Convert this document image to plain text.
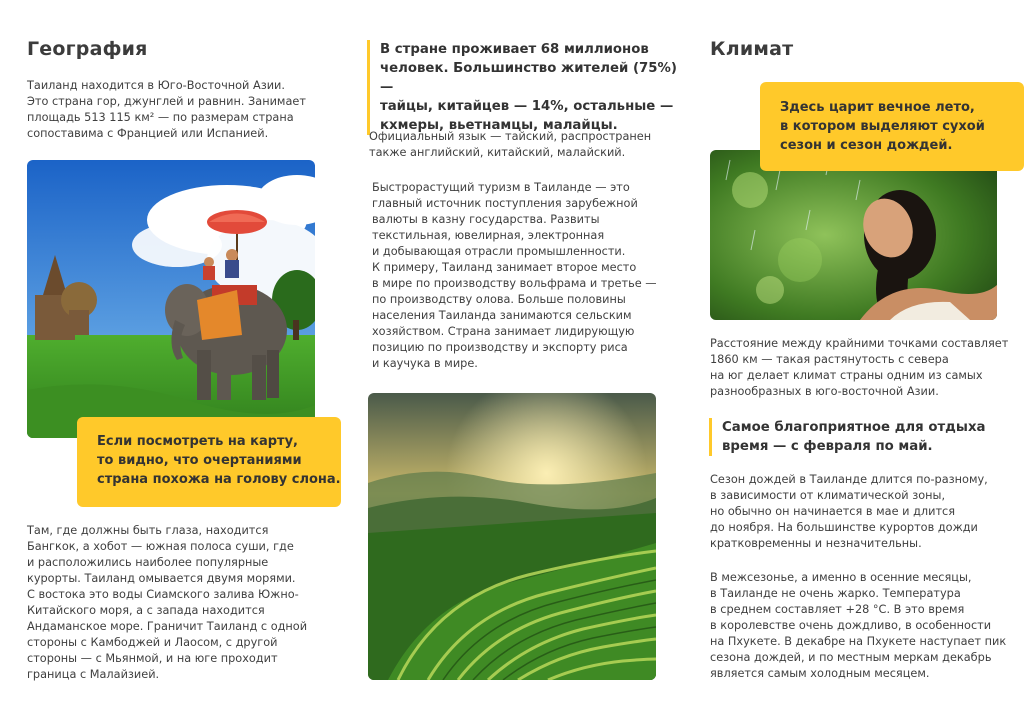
География
Таиланд находится в Юго-Восточной Азии.
Это страна гор, джунглей и равнин. Занимает
площадь 513 115 км² — по размерам страна
сопоставима с Францией или Испанией.
Если посмотреть на карту,
то видно, что очертаниями
страна похожа на голову слона.
Там, где должны быть глаза, находится
Бангкок, а хобот — южная полоса суши, где
и расположились наиболее популярные
курорты. Таиланд омывается двумя морями.
С востока это воды Сиамского залива Южно-
Китайского моря, а с запада находится
Андаманское море. Граничит Таиланд с одной
стороны с Камбоджей и Лаосом, с другой
стороны — с Мьянмой, и на юге проходит
граница с Малайзией.
В стране проживает 68 миллионов
человек. Большинство жителей (75%) —
тайцы, китайцев — 14%, остальные —
кхмеры, вьетнамцы, малайцы.
Официальный язык — тайский, распространен
также английский, китайский, малайский.
Быстрорастущий туризм в Таиланде — это
главный источник поступления зарубежной
валюты в казну государства. Развиты
текстильная, ювелирная, электронная
и добывающая отрасли промышленности.
К примеру, Таиланд занимает второе место
в мире по производству вольфрама и третье —
по производству олова. Больше половины
населения Таиланда занимаются сельским
хозяйством. Страна занимает лидирующую
позицию по производству и экспорту риса
и каучука в мире.
Климат
Здесь царит вечное лето,
в котором выделяют сухой
сезон и сезон дождей.
Расстояние между крайними точками составляет
1860 км — такая растянутость с севера
на юг делает климат страны одним из самых
разнообразных в юго-восточной Азии.
Самое благоприятное для отдыха
время — с февраля по май.
Сезон дождей в Таиланде длится по-разному,
в зависимости от климатической зоны,
но обычно он начинается в мае и длится
до ноября. На большинстве курортов дожди
кратковременны и незначительны.
В межсезонье, а именно в осенние месяцы,
в Таиланде не очень жарко. Температура
в среднем составляет +28 °С. В это время
в королевстве очень дождливо, в особенности
на Пхукете. В декабре на Пхукете наступает пик
сезона дождей, и по местным меркам декабрь
является самым холодным месяцем.
